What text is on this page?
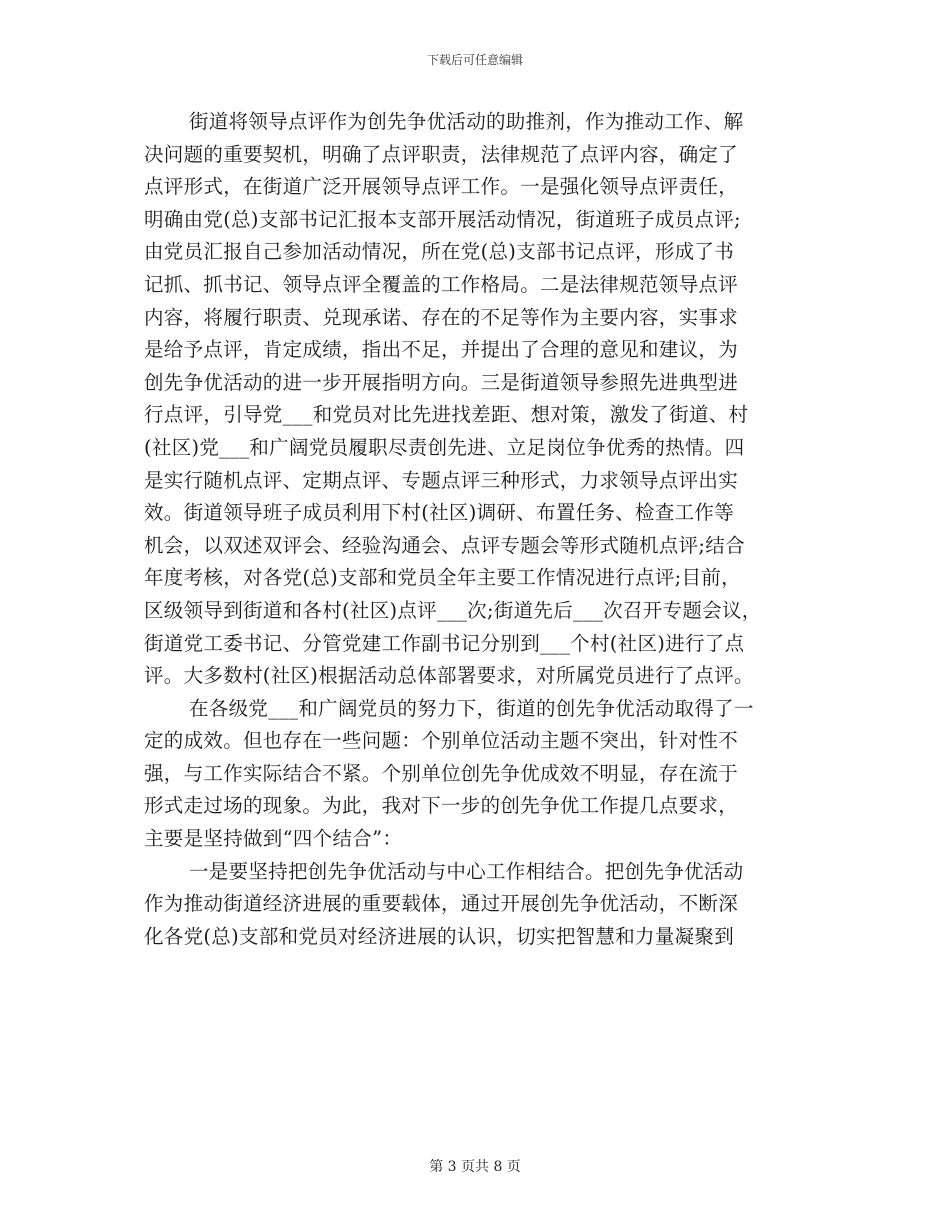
下载后可任意编辑
街道将领导点评作为创先争优活动的助推剂，作为推动工作、解
决问题的重要契机，明确了点评职责，法律规范了点评内容，确定了
点评形式，在街道广泛开展领导点评工作。一是强化领导点评责任，
明确由党(总)支部书记汇报本支部开展活动情况，街道班子成员点评;
由党员汇报自己参加活动情况，所在党(总)支部书记点评，形成了书
记抓、抓书记、领导点评全覆盖的工作格局。二是法律规范领导点评
内容，将履行职责、兑现承诺、存在的不足等作为主要内容，实事求
是给予点评，肯定成绩，指出不足，并提出了合理的意见和建议，为
创先争优活动的进一步开展指明方向。三是街道领导参照先进典型进
行点评，引导党___和党员对比先进找差距、想对策，激发了街道、村
(社区)党___和广阔党员履职尽责创先进、立足岗位争优秀的热情。四
是实行随机点评、定期点评、专题点评三种形式，力求领导点评出实
效。街道领导班子成员利用下村(社区)调研、布置任务、检查工作等
机会，以双述双评会、经验沟通会、点评专题会等形式随机点评;结合
年度考核，对各党(总)支部和党员全年主要工作情况进行点评;目前，
区级领导到街道和各村(社区)点评___次;街道先后___次召开专题会议，
街道党工委书记、分管党建工作副书记分别到___个村(社区)进行了点
评。大多数村(社区)根据活动总体部署要求，对所属党员进行了点评。
在各级党___和广阔党员的努力下，街道的创先争优活动取得了一
定的成效。但也存在一些问题：个别单位活动主题不突出，针对性不
强，与工作实际结合不紧。个别单位创先争优成效不明显，存在流于
形式走过场的现象。为此，我对下一步的创先争优工作提几点要求，
主要是坚持做到“四个结合”：
一是要坚持把创先争优活动与中心工作相结合。把创先争优活动
作为推动街道经济进展的重要载体，通过开展创先争优活动，不断深
化各党(总)支部和党员对经济进展的认识，切实把智慧和力量凝聚到
第 3 页共 8 页
